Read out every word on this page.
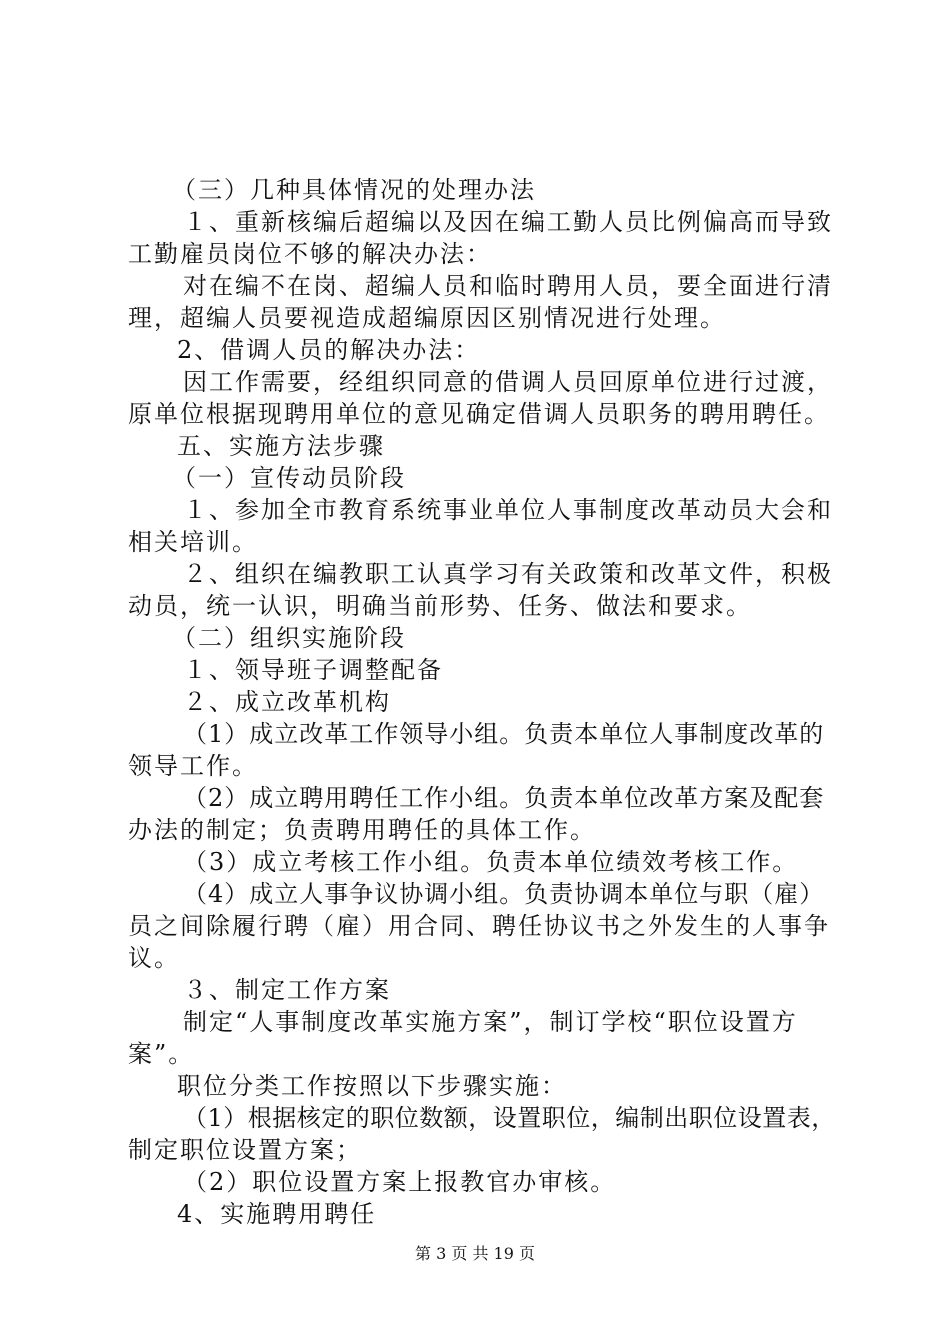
（三）几种具体情况的处理办法
１、重新核编后超编以及因在编工勤人员比例偏高而导致
工勤雇员岗位不够的解决办法：
对在编不在岗、超编人员和临时聘用人员，要全面进行清
理，超编人员要视造成超编原因区别情况进行处理。
2、借调人员的解决办法：
因工作需要，经组织同意的借调人员回原单位进行过渡，
原单位根据现聘用单位的意见确定借调人员职务的聘用聘任。
五、实施方法步骤
（一）宣传动员阶段
１、参加全市教育系统事业单位人事制度改革动员大会和
相关培训。
２、组织在编教职工认真学习有关政策和改革文件，积极
动员，统一认识，明确当前形势、任务、做法和要求。
（二）组织实施阶段
１、领导班子调整配备
２、成立改革机构
（1）成立改革工作领导小组。负责本单位人事制度改革的
领导工作。
（2）成立聘用聘任工作小组。负责本单位改革方案及配套
办法的制定；负责聘用聘任的具体工作。
（3）成立考核工作小组。负责本单位绩效考核工作。
（4）成立人事争议协调小组。负责协调本单位与职（雇）
员之间除履行聘（雇）用合同、聘任协议书之外发生的人事争
议。
３、制定工作方案
制定“人事制度改革实施方案”，制订学校“职位设置方
案”。
职位分类工作按照以下步骤实施：
（1）根据核定的职位数额，设置职位，编制出职位设置表，
制定职位设置方案；
（2）职位设置方案上报教官办审核。
4、实施聘用聘任
第 3 页 共 19 页
